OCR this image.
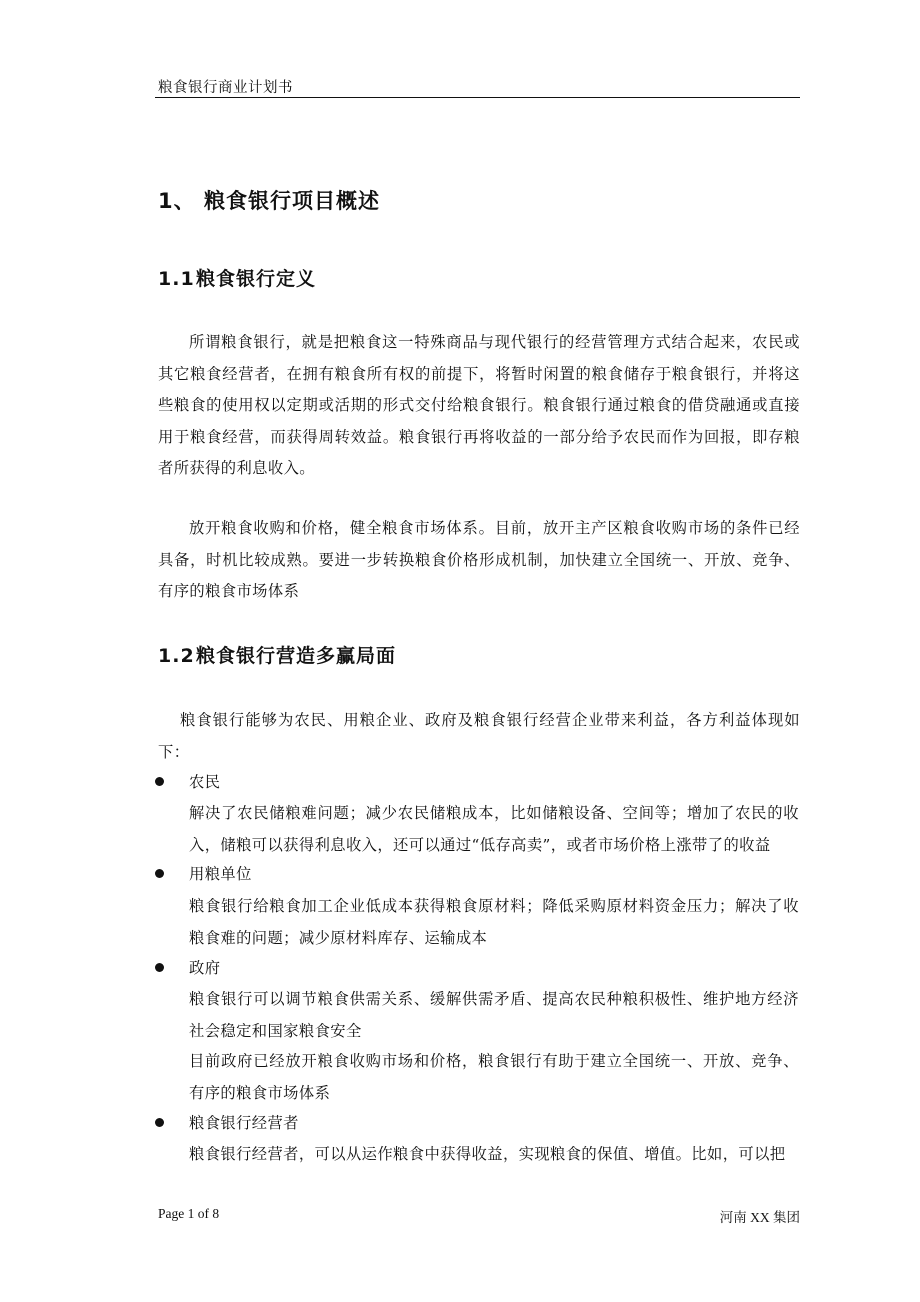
粮食银行商业计划书
1、 粮食银行项目概述
1.1粮食银行定义
所谓粮食银行，就是把粮食这一特殊商品与现代银行的经营管理方式结合起来，农民或其它粮食经营者，在拥有粮食所有权的前提下，将暂时闲置的粮食储存于粮食银行，并将这些粮食的使用权以定期或活期的形式交付给粮食银行。粮食银行通过粮食的借贷融通或直接用于粮食经营，而获得周转效益。粮食银行再将收益的一部分给予农民而作为回报，即存粮者所获得的利息收入。
放开粮食收购和价格，健全粮食市场体系。目前，放开主产区粮食收购市场的条件已经具备，时机比较成熟。要进一步转换粮食价格形成机制，加快建立全国统一、开放、竞争、有序的粮食市场体系
1.2粮食银行营造多赢局面
粮食银行能够为农民、用粮企业、政府及粮食银行经营企业带来利益，各方利益体现如下：
农民
解决了农民储粮难问题；减少农民储粮成本，比如储粮设备、空间等；增加了农民的收入，储粮可以获得利息收入，还可以通过“低存高卖”，或者市场价格上涨带了的收益
用粮单位
粮食银行给粮食加工企业低成本获得粮食原材料；降低采购原材料资金压力；解决了收粮食难的问题；减少原材料库存、运输成本
政府
粮食银行可以调节粮食供需关系、缓解供需矛盾、提高农民种粮积极性、维护地方经济社会稳定和国家粮食安全
目前政府已经放开粮食收购市场和价格，粮食银行有助于建立全国统一、开放、竞争、有序的粮食市场体系
粮食银行经营者
粮食银行经营者，可以从运作粮食中获得收益，实现粮食的保值、增值。比如，可以把
Page 1 of 8	河南 XX 集团
